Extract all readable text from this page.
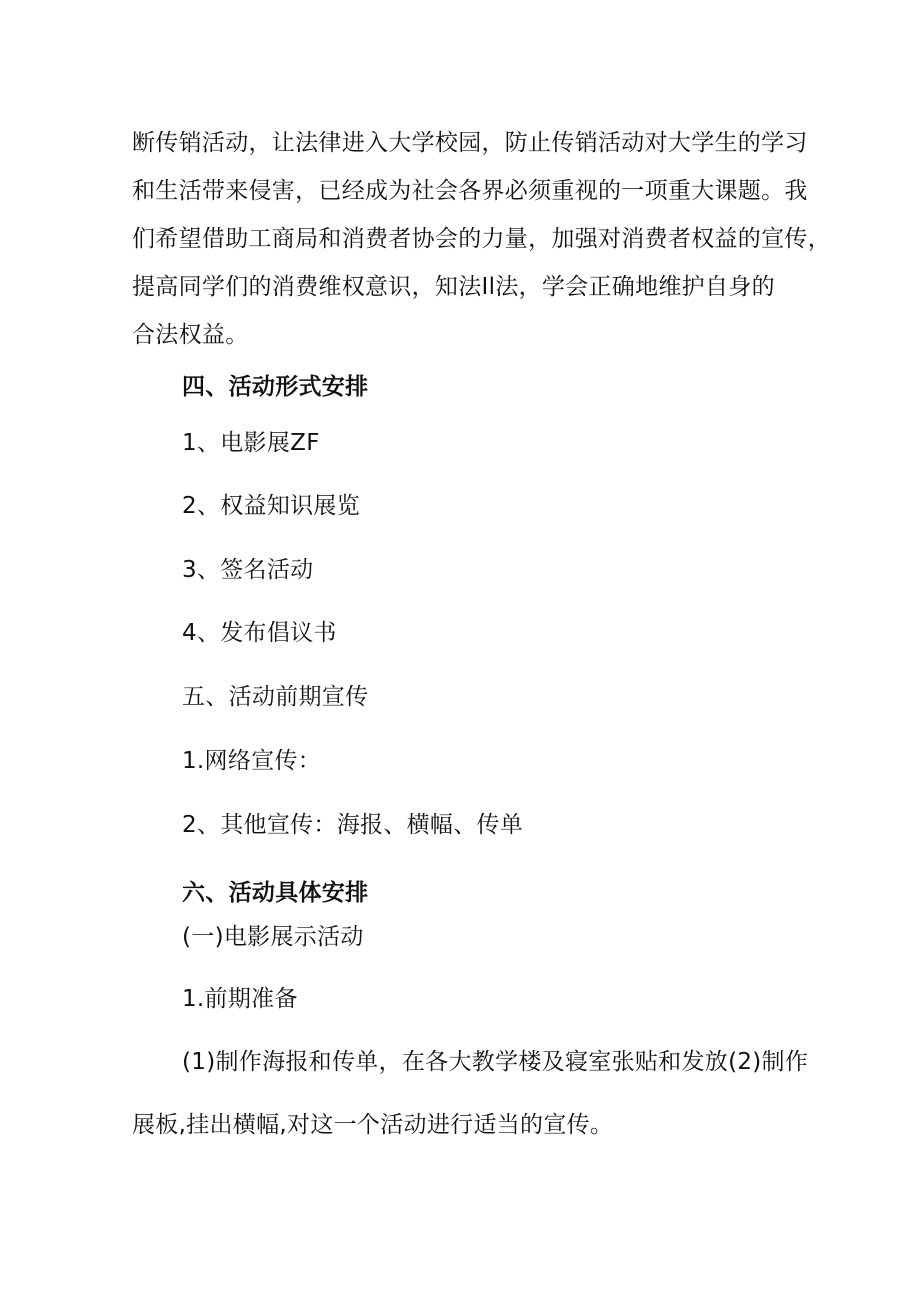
断传销活动，让法律进入大学校园，防止传销活动对大学生的学习
和生活带来侵害，已经成为社会各界必须重视的一项重大课题。我
们希望借助工商局和消费者协会的力量，加强对消费者权益的宣传，
提高同学们的消费维权意识，知法Il法，学会正确地维护自身的
合法权益。
四、活动形式安排
1、电影展ZF
2、权益知识展览
3、签名活动
4、发布倡议书
五、活动前期宣传
1.网络宣传：
2、其他宣传：海报、横幅、传单
六、活动具体安排
(一)电影展示活动
1.前期准备
(1)制作海报和传单，在各大教学楼及寝室张贴和发放(2)制作
展板,挂出横幅,对这一个活动进行适当的宣传。
